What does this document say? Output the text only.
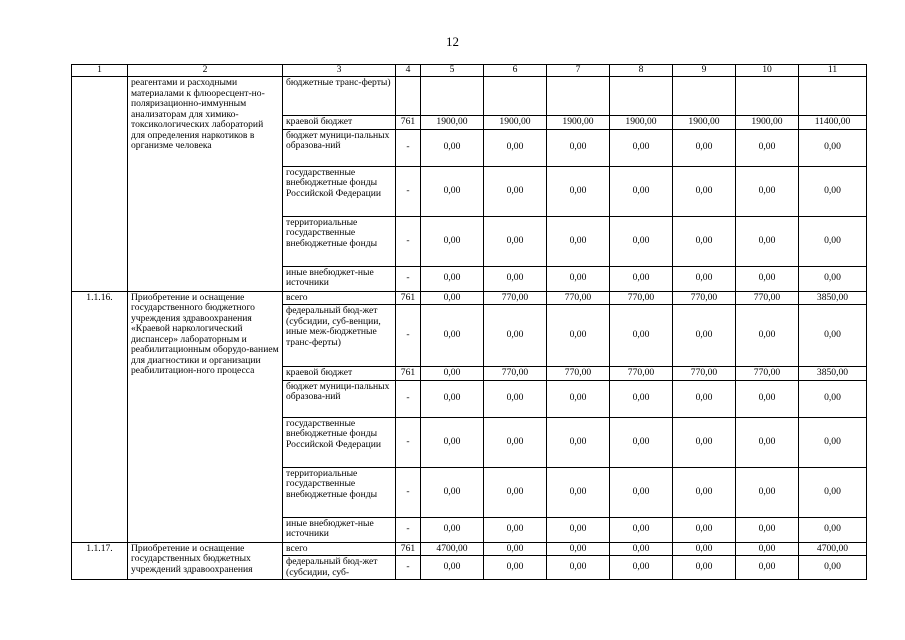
12
1	2	3	4	5	6	7	8	9	10	11
	реагентами и расходными материалами к флюоресцент-но-поляризационно-иммунным анализаторам для химико-токсикологических лабораторий для определения наркотиков в организме человека	бюджетные транс-ферты)								
		краевой бюджет	761	1900,00	1900,00	1900,00	1900,00	1900,00	1900,00	11400,00
		бюджет муници-пальных образова-ний	-	0,00	0,00	0,00	0,00	0,00	0,00	0,00
		государственные внебюджетные фонды Российской Федерации	-	0,00	0,00	0,00	0,00	0,00	0,00	0,00
		территориальные государственные внебюджетные фонды	-	0,00	0,00	0,00	0,00	0,00	0,00	0,00
		иные внебюджет-ные источники	-	0,00	0,00	0,00	0,00	0,00	0,00	0,00
1.1.16.	Приобретение и оснащение государственного бюджетного учреждения здравоохранения «Краевой наркологический диспансер» лабораторным и реабилитационным оборудо-ванием для диагностики и организации реабилитацион-ного процесса	всего	761	0,00	770,00	770,00	770,00	770,00	770,00	3850,00
		федеральный бюд-жет (субсидии, суб-венции, иные меж-бюджетные транс-ферты)	-	0,00	0,00	0,00	0,00	0,00	0,00	0,00
		краевой бюджет	761	0,00	770,00	770,00	770,00	770,00	770,00	3850,00
		бюджет муници-пальных образова-ний	-	0,00	0,00	0,00	0,00	0,00	0,00	0,00
		государственные внебюджетные фонды Российской Федерации	-	0,00	0,00	0,00	0,00	0,00	0,00	0,00
		территориальные государственные внебюджетные фонды	-	0,00	0,00	0,00	0,00	0,00	0,00	0,00
		иные внебюджет-ные источники	-	0,00	0,00	0,00	0,00	0,00	0,00	0,00
1.1.17.	Приобретение и оснащение государственных бюджетных учреждений здравоохранения	всего	761	4700,00	0,00	0,00	0,00	0,00	0,00	4700,00
		федеральный бюд-жет (субсидии, суб-	-	0,00	0,00	0,00	0,00	0,00	0,00	0,00
